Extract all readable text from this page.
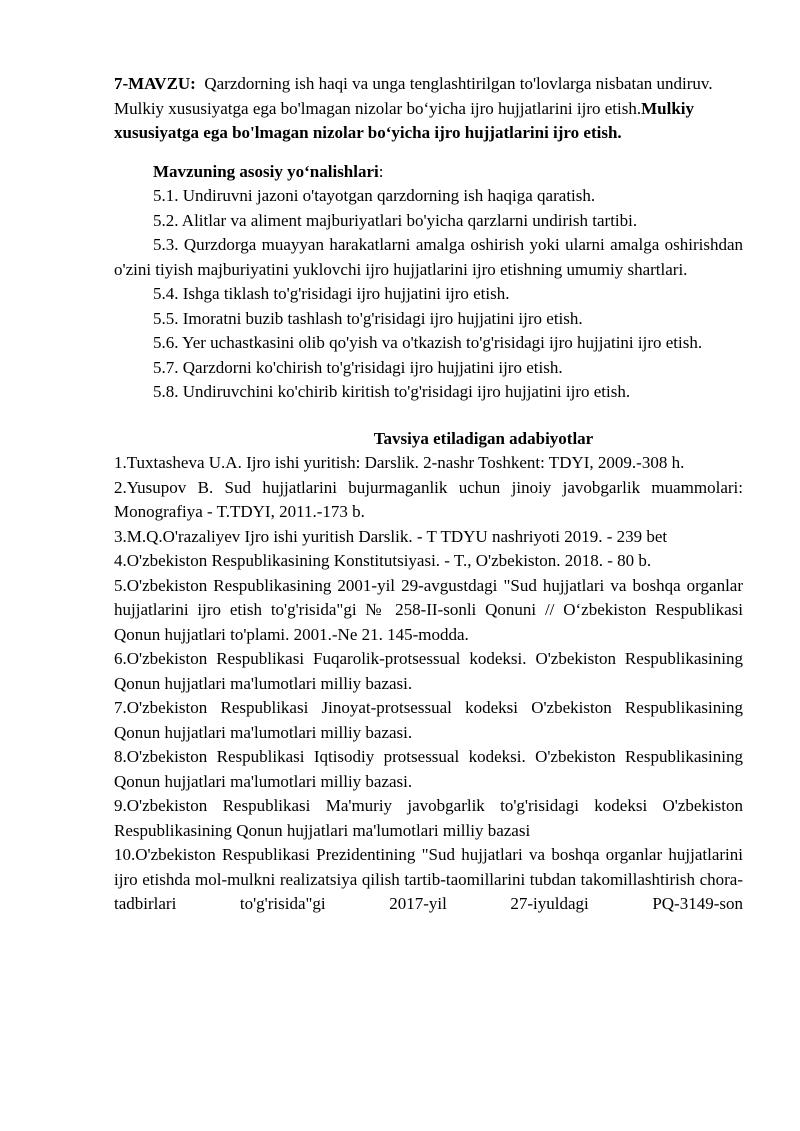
7-MAVZU: Qarzdorning ish haqi va unga tenglashtirilgan to'lovlarga nisbatan undiruv. Mulkiy xususiyatga ega bo'lmagan nizolar bo‘yicha ijro hujjatlarini ijro etish.Mulkiy xususiyatga ega bo'lmagan nizolar bo‘yicha ijro hujjatlarini ijro etish.

Mavzuning asosiy yo‘nalishlari:

5.1. Undiruvni jazoni o'tayotgan qarzdorning ish haqiga qaratish.

5.2. Alitlar va aliment majburiyatlari bo'yicha qarzlarni undirish tartibi.

5.3. Qurzdorga muayyan harakatlarni amalga oshirish yoki ularni amalga oshirishdan o'zini tiyish majburiyatini yuklovchi ijro hujjatlarini ijro etishning umumiy shartlari.

5.4. Ishga tiklash to'g'risidagi ijro hujjatini ijro etish.

5.5. Imoratni buzib tashlash to'g'risidagi ijro hujjatini ijro etish.

5.6. Yer uchastkasini olib qo'yish va o'tkazish to'g'risidagi ijro hujjatini ijro etish.

5.7. Qarzdorni ko'chirish to'g'risidagi ijro hujjatini ijro etish.

5.8. Undiruvchini ko'chirib kiritish to'g'risidagi ijro hujjatini ijro etish.

Tavsiya etiladigan adabiyotlar

1.Tuxtasheva U.A. Ijro ishi yuritish: Darslik. 2-nashr Toshkent: TDYI, 2009.-308 h.

2.Yusupov B. Sud hujjatlarini bujurmaganlik uchun jinoiy javobgarlik muammolari: Monografiya - T.TDYI, 2011.-173 b.

3.M.Q.O'razaliyev Ijro ishi yuritish Darslik. - T TDYU nashriyoti 2019. - 239 bet

4.O'zbekiston Respublikasining Konstitutsiyasi. - T., O'zbekiston. 2018. - 80 b.

5.O'zbekiston Respublikasining 2001-yil 29-avgustdagi "Sud hujjatlari va boshqa organlar hujjatlarini ijro etish to'g'risida"gi № 258-II-sonli Qonuni // O‘zbekiston Respublikasi Qonun hujjatlari to'plami. 2001.-Ne 21. 145-modda.

6.O'zbekiston Respublikasi Fuqarolik-protsessual kodeksi. O'zbekiston Respublikasining Qonun hujjatlari ma'lumotlari milliy bazasi.

7.O'zbekiston Respublikasi Jinoyat-protsessual kodeksi O'zbekiston Respublikasining Qonun hujjatlari ma'lumotlari milliy bazasi.

8.O'zbekiston Respublikasi Iqtisodiy protsessual kodeksi. O'zbekiston Respublikasining Qonun hujjatlari ma'lumotlari milliy bazasi.

9.O'zbekiston Respublikasi Ma'muriy javobgarlik to'g'risidagi kodeksi O'zbekiston Respublikasining Qonun hujjatlari ma'lumotlari milliy bazasi

10.O'zbekiston Respublikasi Prezidentining "Sud hujjatlari va boshqa organlar hujjatlarini ijro etishda mol-mulkni realizatsiya qilish tartib-taomillarini tubdan takomillashtirish chora-tadbirlari to'g'risida"gi 2017-yil 27-iyuldagi PQ-3149-son
